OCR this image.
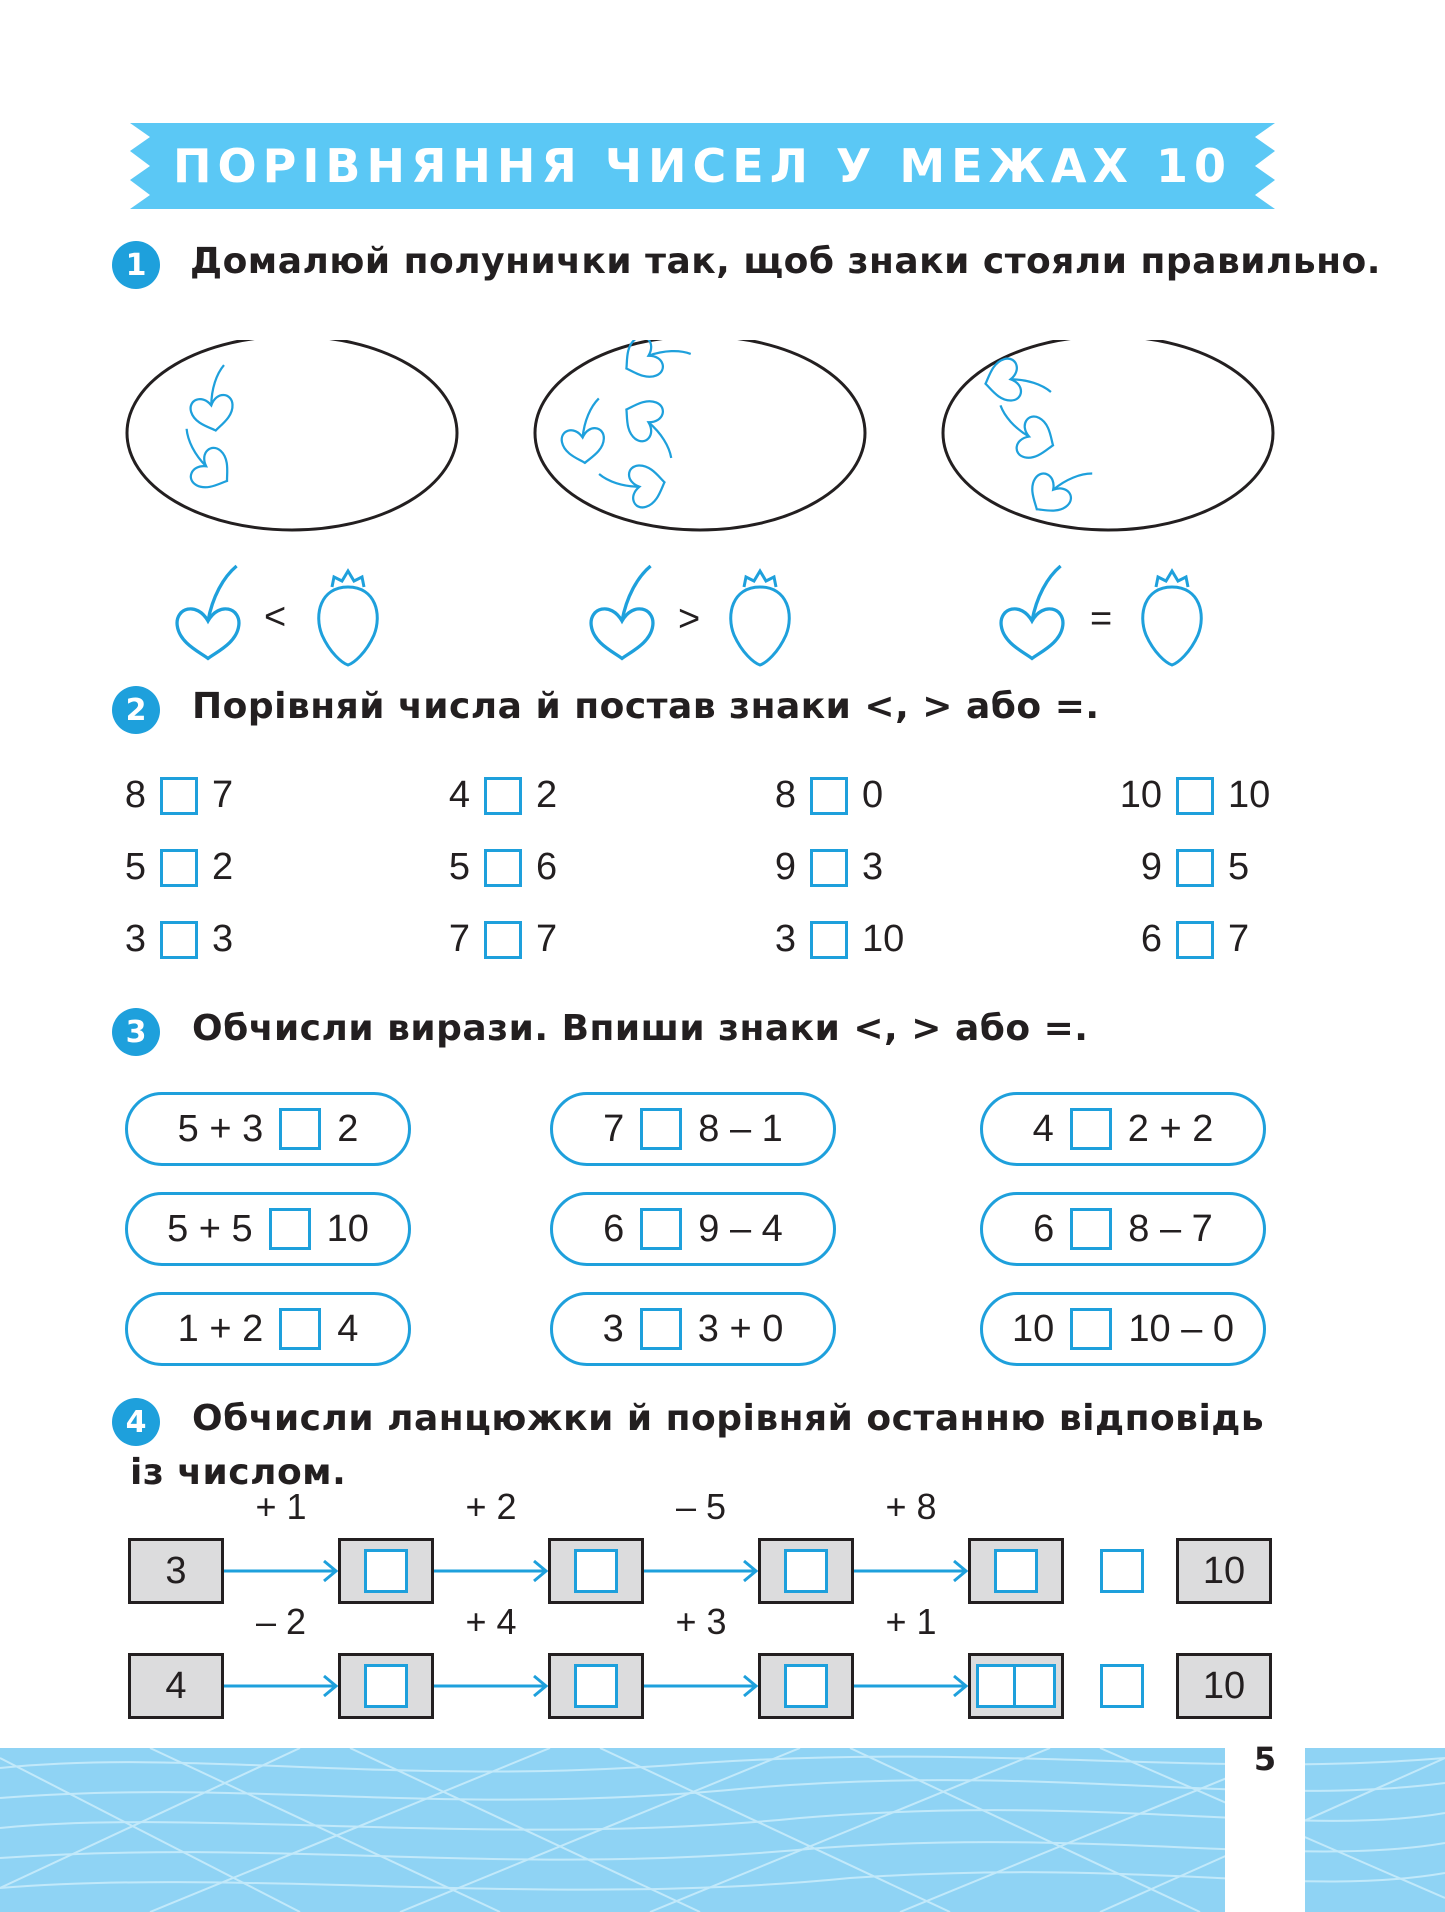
ПОРІВНЯННЯ ЧИСЕЛ У МЕЖАХ 10
1	Домалюй полунички так, щоб знаки стояли правильно.
<	>	=
2	Порівняй числа й постав знаки <, > або =.
8 7
5 2
3 3
4 2
5 6
7 7
8 0
9 3
3 10
10 10
9 5
6 7
3	Обчисли вирази. Впиши знаки <, > або =.
5 + 3 2
5 + 5 10
1 + 2 4
7 8 – 1
6 9 – 4
3 3 + 0
4 2 + 2
6 8 – 7
10 10 – 0
4	Обчисли ланцюжки й порівняй останню відповідь
із числом.
+ 1	+ 2	– 5	+ 8
3	10
– 2	+ 4	+ 3	+ 1
4	10
5
